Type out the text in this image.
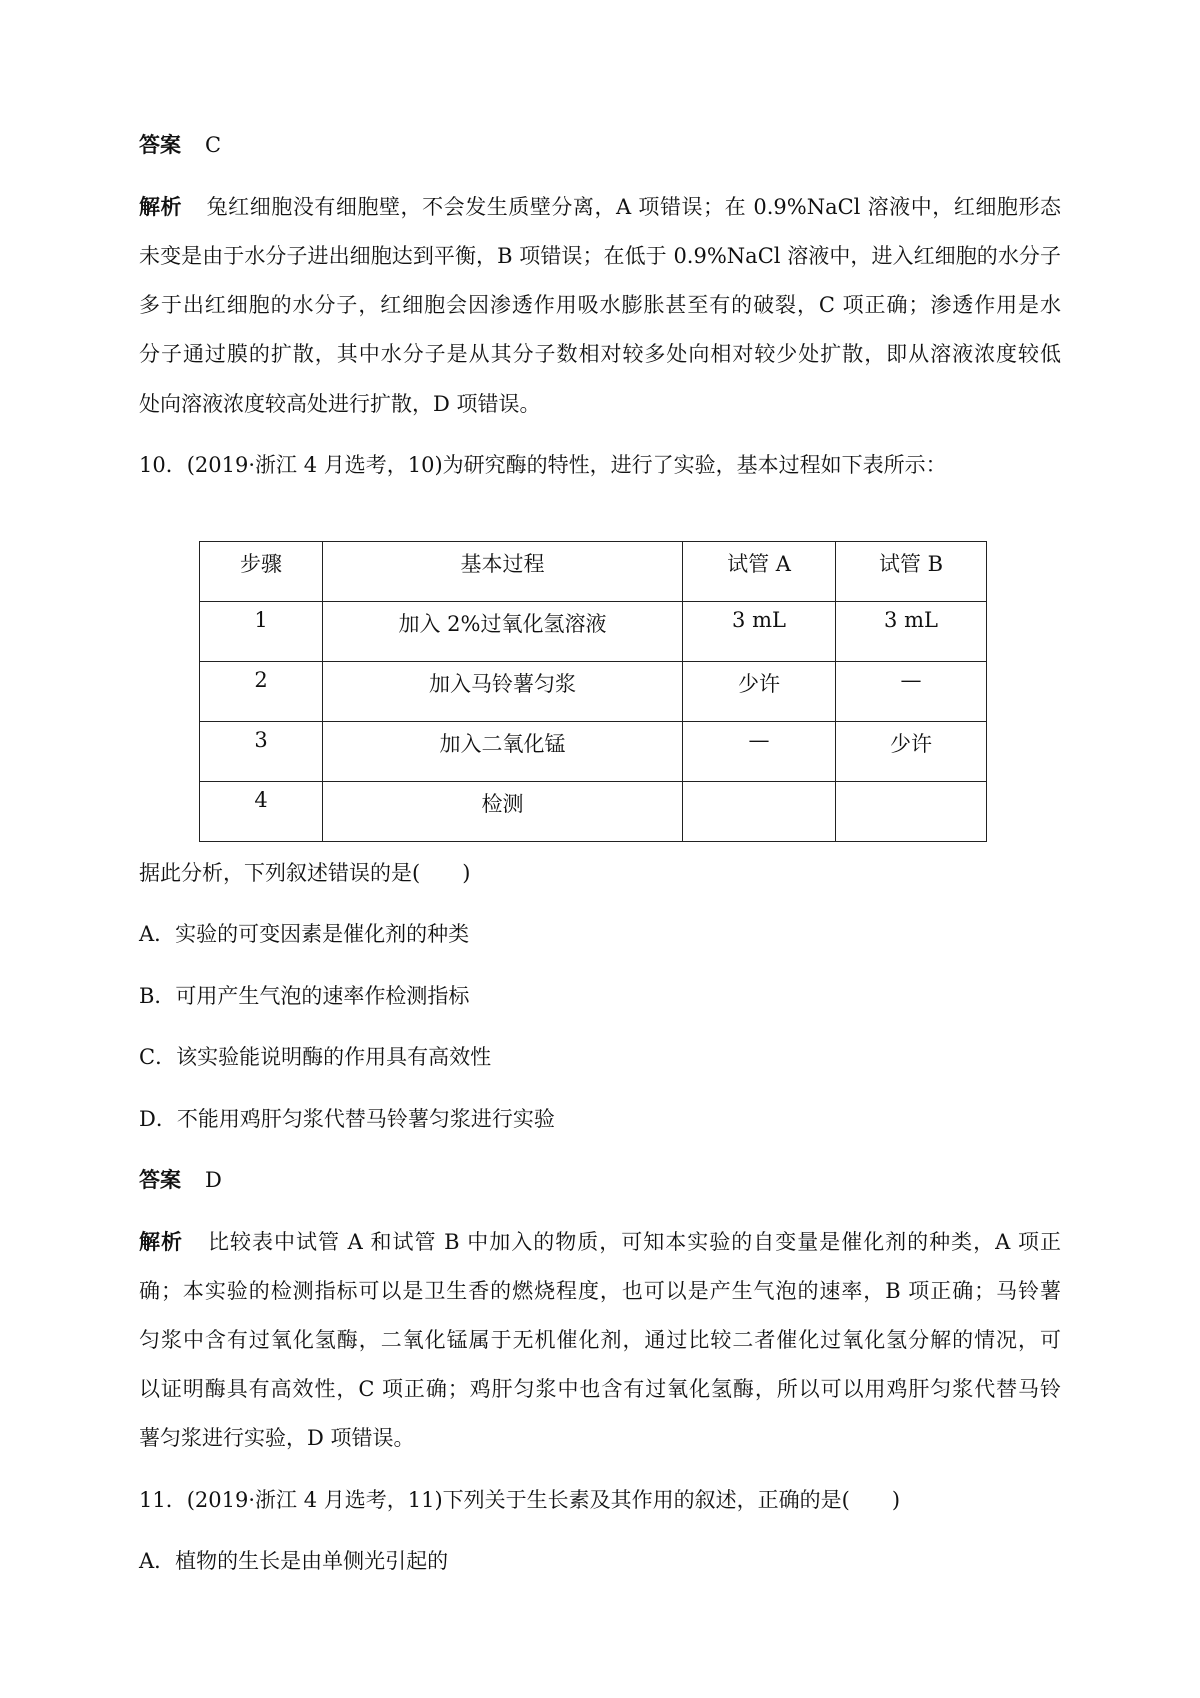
答案 C
解析 兔红细胞没有细胞壁，不会发生质壁分离，A 项错误；在 0.9%NaCl 溶液中，红细胞形态
未变是由于水分子进出细胞达到平衡，B 项错误；在低于 0.9%NaCl 溶液中，进入红细胞的水分子
多于出红细胞的水分子，红细胞会因渗透作用吸水膨胀甚至有的破裂，C 项正确；渗透作用是水
分子通过膜的扩散，其中水分子是从其分子数相对较多处向相对较少处扩散，即从溶液浓度较低
处向溶液浓度较高处进行扩散，D 项错误。
10．(2019·浙江 4 月选考，10)为研究酶的特性，进行了实验，基本过程如下表所示：
步骤	基本过程	试管 A	试管 B
1	加入 2%过氧化氢溶液	3 mL	3 mL
2	加入马铃薯匀浆	少许	—
3	加入二氧化锰	—	少许
4	检测		
据此分析，下列叙述错误的是(　　)
A．实验的可变因素是催化剂的种类
B．可用产生气泡的速率作检测指标
C．该实验能说明酶的作用具有高效性
D．不能用鸡肝匀浆代替马铃薯匀浆进行实验
答案 D
解析 比较表中试管 A 和试管 B 中加入的物质，可知本实验的自变量是催化剂的种类，A 项正
确；本实验的检测指标可以是卫生香的燃烧程度，也可以是产生气泡的速率，B 项正确；马铃薯
匀浆中含有过氧化氢酶，二氧化锰属于无机催化剂，通过比较二者催化过氧化氢分解的情况，可
以证明酶具有高效性，C 项正确；鸡肝匀浆中也含有过氧化氢酶，所以可以用鸡肝匀浆代替马铃
薯匀浆进行实验，D 项错误。
11．(2019·浙江 4 月选考，11)下列关于生长素及其作用的叙述，正确的是(　　)
A．植物的生长是由单侧光引起的
